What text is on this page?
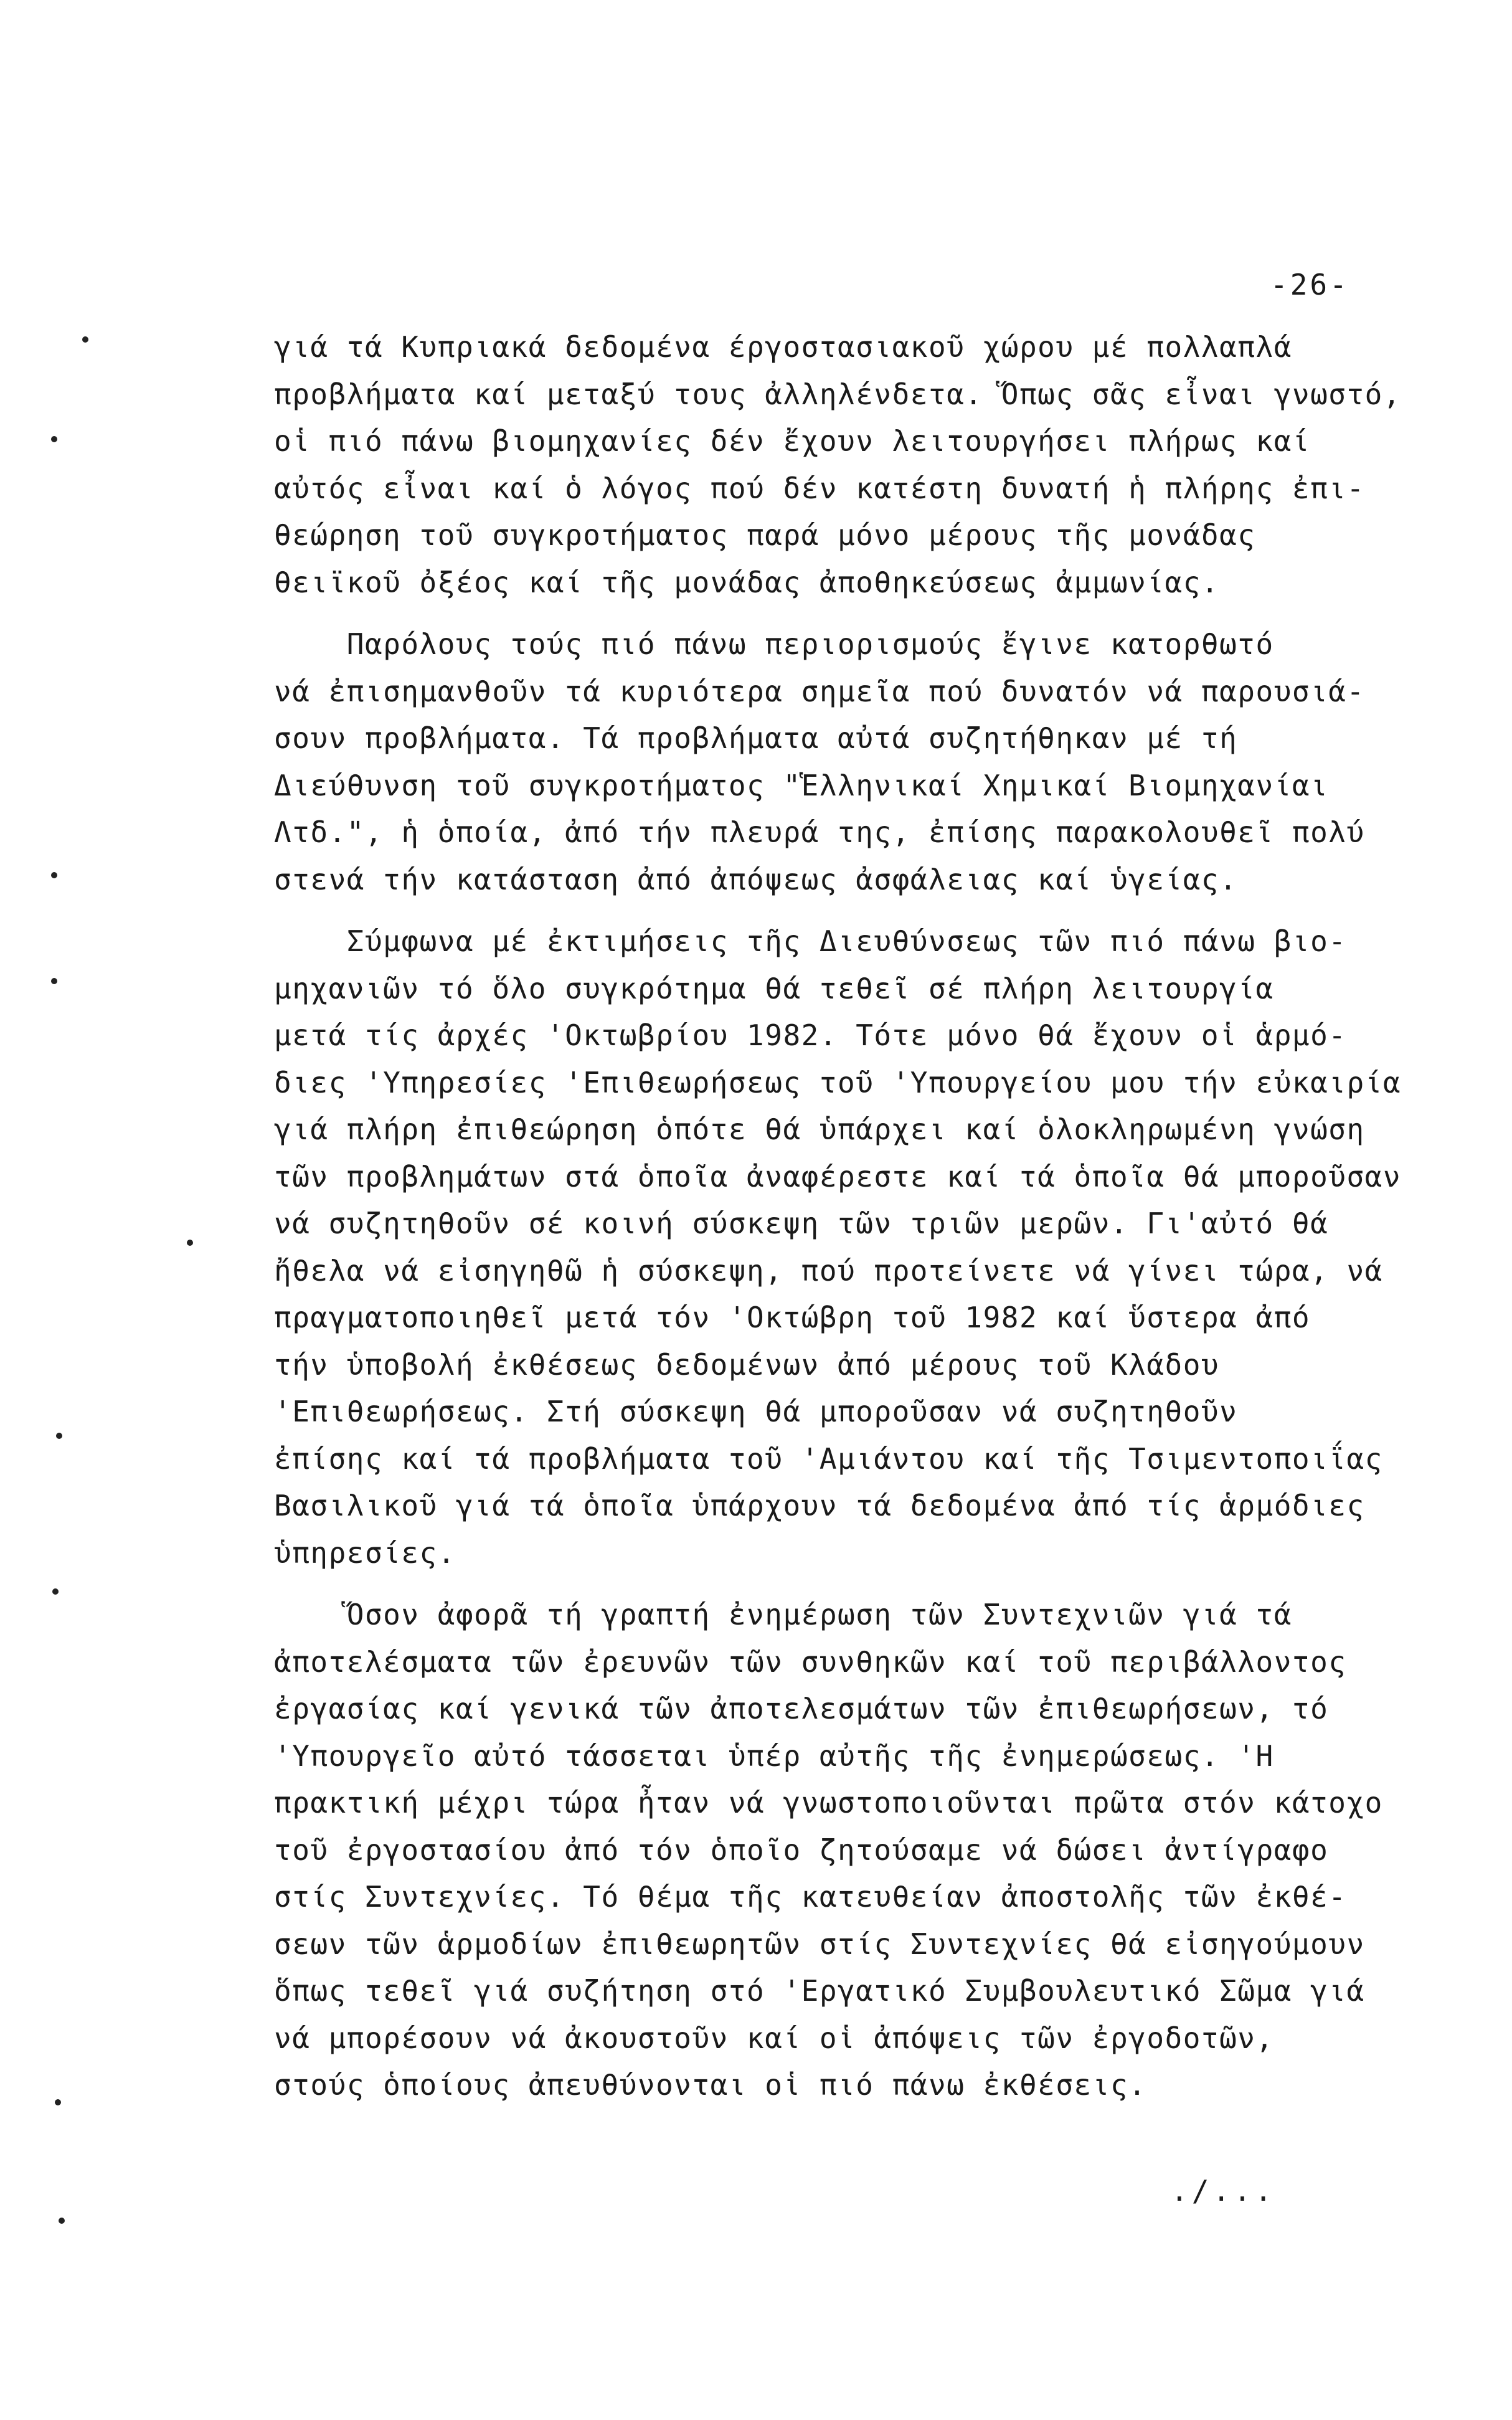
-26-
γιά τά Κυπριακά δεδομένα έργοστασιακοῦ χώρου μέ πολλαπλά
προβλήματα καί μεταξύ τους ἀλληλένδετα. Ὅπως σᾶς εἶναι γνωστό,
οἱ πιό πάνω βιομηχανίες δέν ἔχουν λειτουργήσει πλήρως καί
αὐτός εἶναι καί ὁ λόγος πού δέν κατέστη δυνατή ἡ πλήρης ἐπι-
θεώρηση τοῦ συγκροτήματος παρά μόνο μέρους τῆς μονάδας
θειϊκοῦ ὀξέος καί τῆς μονάδας ἀποθηκεύσεως ἀμμωνίας.
Παρόλους τούς πιό πάνω περιορισμούς ἔγινε κατορθωτό
νά ἐπισημανθοῦν τά κυριότερα σημεῖα πού δυνατόν νά παρουσιά-
σουν προβλήματα. Τά προβλήματα αὐτά συζητήθηκαν μέ τή
Διεύθυνση τοῦ συγκροτήματος "Ἑλληνικαί Χημικαί Βιομηχανίαι
Λτδ.", ἡ ὁποία, ἀπό τήν πλευρά της, ἐπίσης παρακολουθεῖ πολύ
στενά τήν κατάσταση ἀπό ἀπόψεως ἀσφάλειας καί ὑγείας.
Σύμφωνα μέ ἐκτιμήσεις τῆς Διευθύνσεως τῶν πιό πάνω βιο-
μηχανιῶν τό ὅλο συγκρότημα θά τεθεῖ σέ πλήρη λειτουργία
μετά τίς ἀρχές 'Οκτωβρίου 1982. Τότε μόνο θά ἔχουν οἱ ἁρμό-
διες 'Υπηρεσίες 'Επιθεωρήσεως τοῦ 'Υπουργείου μου τήν εὐκαιρία
γιά πλήρη ἐπιθεώρηση ὁπότε θά ὑπάρχει καί ὁλοκληρωμένη γνώση
τῶν προβλημάτων στά ὁποῖα ἀναφέρεστε καί τά ὁποῖα θά μποροῦσαν
νά συζητηθοῦν σέ κοινή σύσκεψη τῶν τριῶν μερῶν. Γι'αὐτό θά
ἤθελα νά εἰσηγηθῶ ἡ σύσκεψη, πού προτείνετε νά γίνει τώρα, νά
πραγματοποιηθεῖ μετά τόν 'Οκτώβρη τοῦ 1982 καί ὕστερα ἀπό
τήν ὑποβολή ἐκθέσεως δεδομένων ἀπό μέρους τοῦ Κλάδου
'Επιθεωρήσεως. Στή σύσκεψη θά μποροῦσαν νά συζητηθοῦν
ἐπίσης καί τά προβλήματα τοῦ 'Αμιάντου καί τῆς Τσιμεντοποιΐας
Βασιλικοῦ γιά τά ὁποῖα ὑπάρχουν τά δεδομένα ἀπό τίς ἁρμόδιες
ὑπηρεσίες.
Ὅσον ἀφορᾶ τή γραπτή ἐνημέρωση τῶν Συντεχνιῶν γιά τά
ἀποτελέσματα τῶν ἐρευνῶν τῶν συνθηκῶν καί τοῦ περιβάλλοντος
ἐργασίας καί γενικά τῶν ἀποτελεσμάτων τῶν ἐπιθεωρήσεων, τό
'Υπουργεῖο αὐτό τάσσεται ὑπέρ αὐτῆς τῆς ἐνημερώσεως. 'Η
πρακτική μέχρι τώρα ἦταν νά γνωστοποιοῦνται πρῶτα στόν κάτοχο
τοῦ ἐργοστασίου ἀπό τόν ὁποῖο ζητούσαμε νά δώσει ἀντίγραφο
στίς Συντεχνίες. Τό θέμα τῆς κατευθείαν ἀποστολῆς τῶν ἐκθέ-
σεων τῶν ἁρμοδίων ἐπιθεωρητῶν στίς Συντεχνίες θά εἰσηγούμουν
ὅπως τεθεῖ γιά συζήτηση στό 'Εργατικό Συμβουλευτικό Σῶμα γιά
νά μπορέσουν νά ἀκουστοῦν καί οἱ ἀπόψεις τῶν ἐργοδοτῶν,
στούς ὁποίους ἀπευθύνονται οἱ πιό πάνω ἐκθέσεις.
./...
